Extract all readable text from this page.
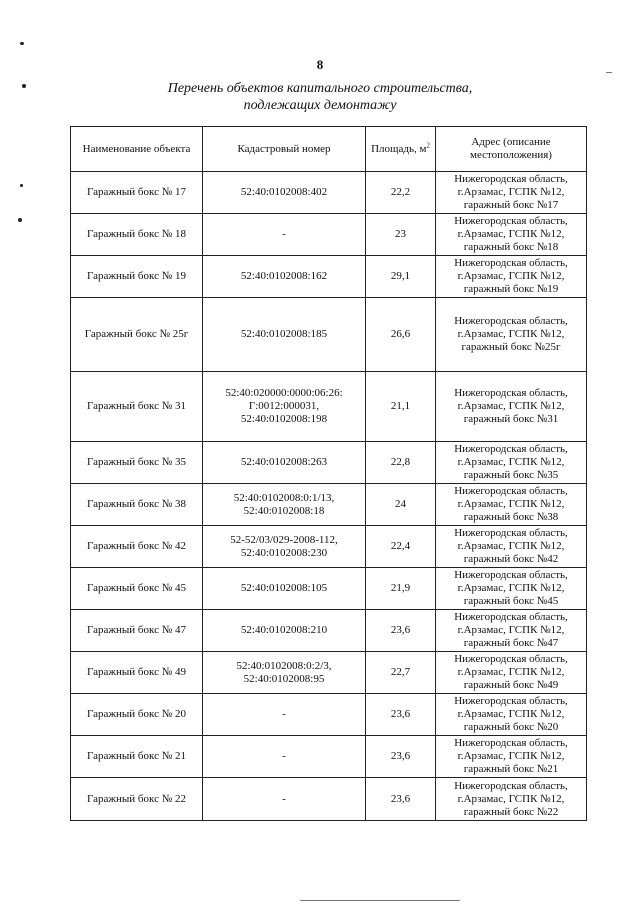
8
Перечень объектов капитального строительства,
подлежащих демонтажу
Наименование объекта	Кадастровый номер	Площадь, $м^2$	Адрес (описание местоположения)
Гаражный бокс № 17	52:40:0102008:402	22,2	Нижегородская область, г.Арзамас, ГСПК №12, гаражный бокс №17
Гаражный бокс № 18	-	23	Нижегородская область, г.Арзамас, ГСПК №12, гаражный бокс №18
Гаражный бокс № 19	52:40:0102008:162	29,1	Нижегородская область, г.Арзамас, ГСПК №12, гаражный бокс №19
Гаражный бокс № 25г	52:40:0102008:185	26,6	Нижегородская область, г.Арзамас, ГСПК №12, гаражный бокс №25г
Гаражный бокс № 31	52:40:020000:0000:06:26: Г:0012:000031, 52:40:0102008:198	21,1	Нижегородская область, г.Арзамас, ГСПК №12, гаражный бокс №31
Гаражный бокс № 35	52:40:0102008:263	22,8	Нижегородская область, г.Арзамас, ГСПК №12, гаражный бокс №35
Гаражный бокс № 38	52:40:0102008:0:1/13, 52:40:0102008:18	24	Нижегородская область, г.Арзамас, ГСПК №12, гаражный бокс №38
Гаражный бокс № 42	52-52/03/029-2008-112, 52:40:0102008:230	22,4	Нижегородская область, г.Арзамас, ГСПК №12, гаражный бокс №42
Гаражный бокс № 45	52:40:0102008:105	21,9	Нижегородская область, г.Арзамас, ГСПК №12, гаражный бокс №45
Гаражный бокс № 47	52:40:0102008:210	23,6	Нижегородская область, г.Арзамас, ГСПК №12, гаражный бокс №47
Гаражный бокс № 49	52:40:0102008:0:2/3, 52:40:0102008:95	22,7	Нижегородская область, г.Арзамас, ГСПК №12, гаражный бокс №49
Гаражный бокс № 20	-	23,6	Нижегородская область, г.Арзамас, ГСПК №12, гаражный бокс №20
Гаражный бокс № 21	-	23,6	Нижегородская область, г.Арзамас, ГСПК №12, гаражный бокс №21
Гаражный бокс № 22	-	23,6	Нижегородская область, г.Арзамас, ГСПК №12, гаражный бокс №22
